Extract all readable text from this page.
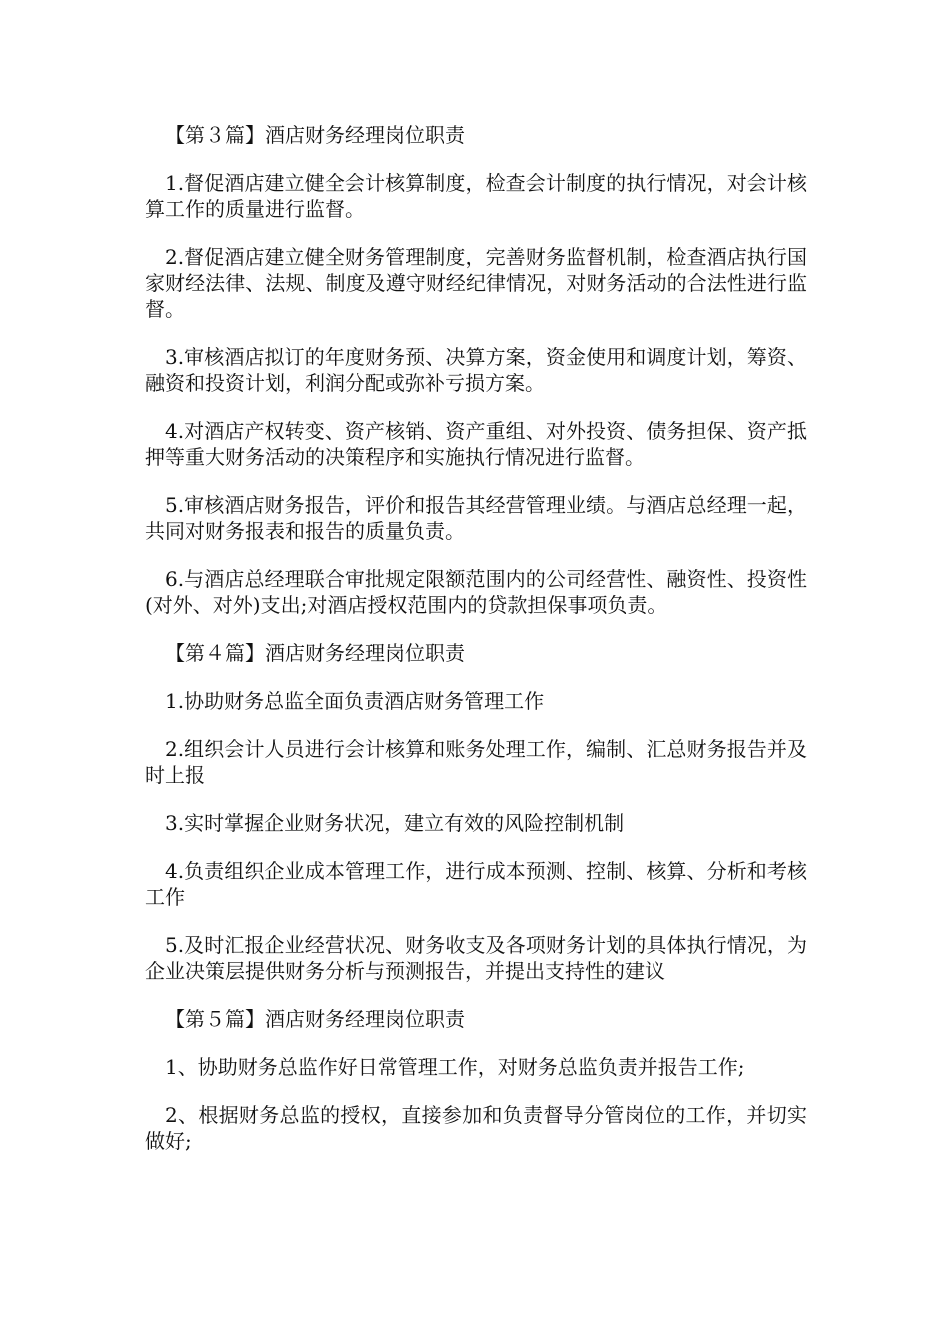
【第３篇】酒店财务经理岗位职责

1.督促酒店建立健全会计核算制度，检查会计制度的执行情况，对会计核算工作的质量进行监督。

2.督促酒店建立健全财务管理制度，完善财务监督机制，检查酒店执行国家财经法律、法规、制度及遵守财经纪律情况，对财务活动的合法性进行监督。

3.审核酒店拟订的年度财务预、决算方案，资金使用和调度计划，筹资、融资和投资计划，利润分配或弥补亏损方案。

4.对酒店产权转变、资产核销、资产重组、对外投资、债务担保、资产抵押等重大财务活动的决策程序和实施执行情况进行监督。

5.审核酒店财务报告，评价和报告其经营管理业绩。与酒店总经理一起，共同对财务报表和报告的质量负责。

6.与酒店总经理联合审批规定限额范围内的公司经营性、融资性、投资性(对外、对外)支出;对酒店授权范围内的贷款担保事项负责。

【第４篇】酒店财务经理岗位职责

1.协助财务总监全面负责酒店财务管理工作

2.组织会计人员进行会计核算和账务处理工作，编制、汇总财务报告并及时上报

3.实时掌握企业财务状况，建立有效的风险控制机制

4.负责组织企业成本管理工作，进行成本预测、控制、核算、分析和考核工作

5.及时汇报企业经营状况、财务收支及各项财务计划的具体执行情况，为企业决策层提供财务分析与预测报告，并提出支持性的建议

【第５篇】酒店财务经理岗位职责

1、协助财务总监作好日常管理工作，对财务总监负责并报告工作;

2、根据财务总监的授权，直接参加和负责督导分管岗位的工作，并切实做好;
